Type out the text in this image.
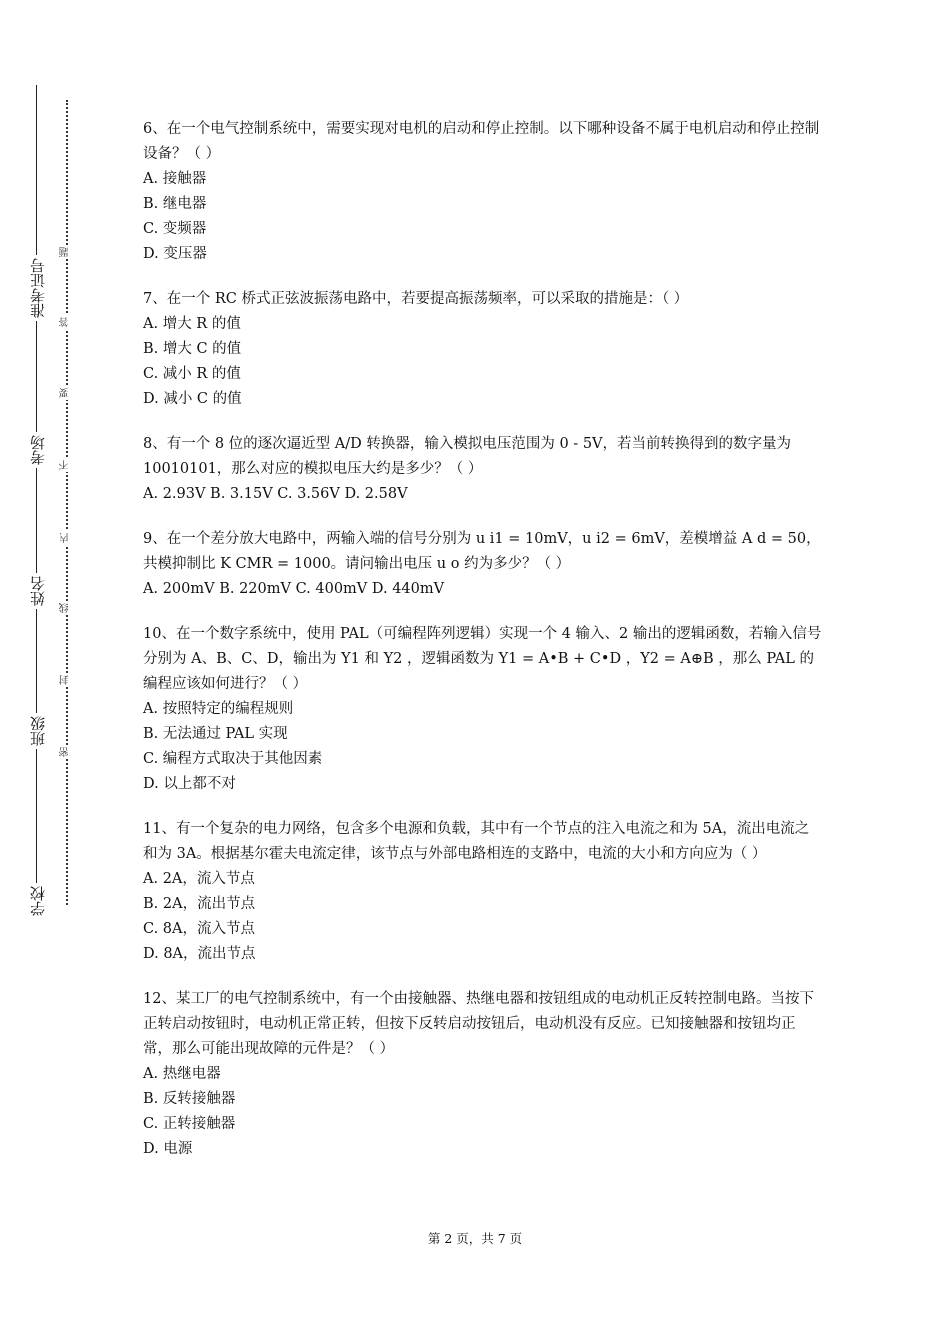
准考证号
考场
姓名
班级
学校
题
答
要
不
内
线
封
密

6、在一个电气控制系统中，需要实现对电机的启动和停止控制。以下哪种设备不属于电机启动和停止控制设备？（ ）

A. 接触器

B. 继电器

C. 变频器

D. 变压器

7、在一个 RC 桥式正弦波振荡电路中，若要提高振荡频率，可以采取的措施是：（ ）

A. 增大 R 的值

B. 增大 C 的值

C. 减小 R 的值

D. 减小 C 的值

8、有一个 8 位的逐次逼近型 A/D 转换器，输入模拟电压范围为 0 - 5V，若当前转换得到的数字量为 10010101，那么对应的模拟电压大约是多少？（ ）

A. 2.93V B. 3.15V C. 3.56V D. 2.58V

9、在一个差分放大电路中，两输入端的信号分别为 u i1 = 10mV，u i2 = 6mV，差模增益 A d = 50，共模抑制比 K CMR = 1000。请问输出电压 u o 约为多少？（ ）

A. 200mV B. 220mV C. 400mV D. 440mV

10、在一个数字系统中，使用 PAL（可编程阵列逻辑）实现一个 4 输入、2 输出的逻辑函数，若输入信号分别为 A、B、C、D，输出为 Y1 和 Y2 ，逻辑函数为 Y1 = A•B + C•D ，Y2 = A⊕B ，那么 PAL 的编程应该如何进行？（ ）

A. 按照特定的编程规则

B. 无法通过 PAL 实现

C. 编程方式取决于其他因素

D. 以上都不对

11、有一个复杂的电力网络，包含多个电源和负载，其中有一个节点的注入电流之和为 5A，流出电流之和为 3A。根据基尔霍夫电流定律，该节点与外部电路相连的支路中，电流的大小和方向应为（ ）

A. 2A，流入节点

B. 2A，流出节点

C. 8A，流入节点

D. 8A，流出节点

12、某工厂的电气控制系统中，有一个由接触器、热继电器和按钮组成的电动机正反转控制电路。当按下正转启动按钮时，电动机正常正转，但按下反转启动按钮后，电动机没有反应。已知接触器和按钮均正常，那么可能出现故障的元件是？（ ）

A. 热继电器

B. 反转接触器

C. 正转接触器

D. 电源

第 2 页，共 7 页
